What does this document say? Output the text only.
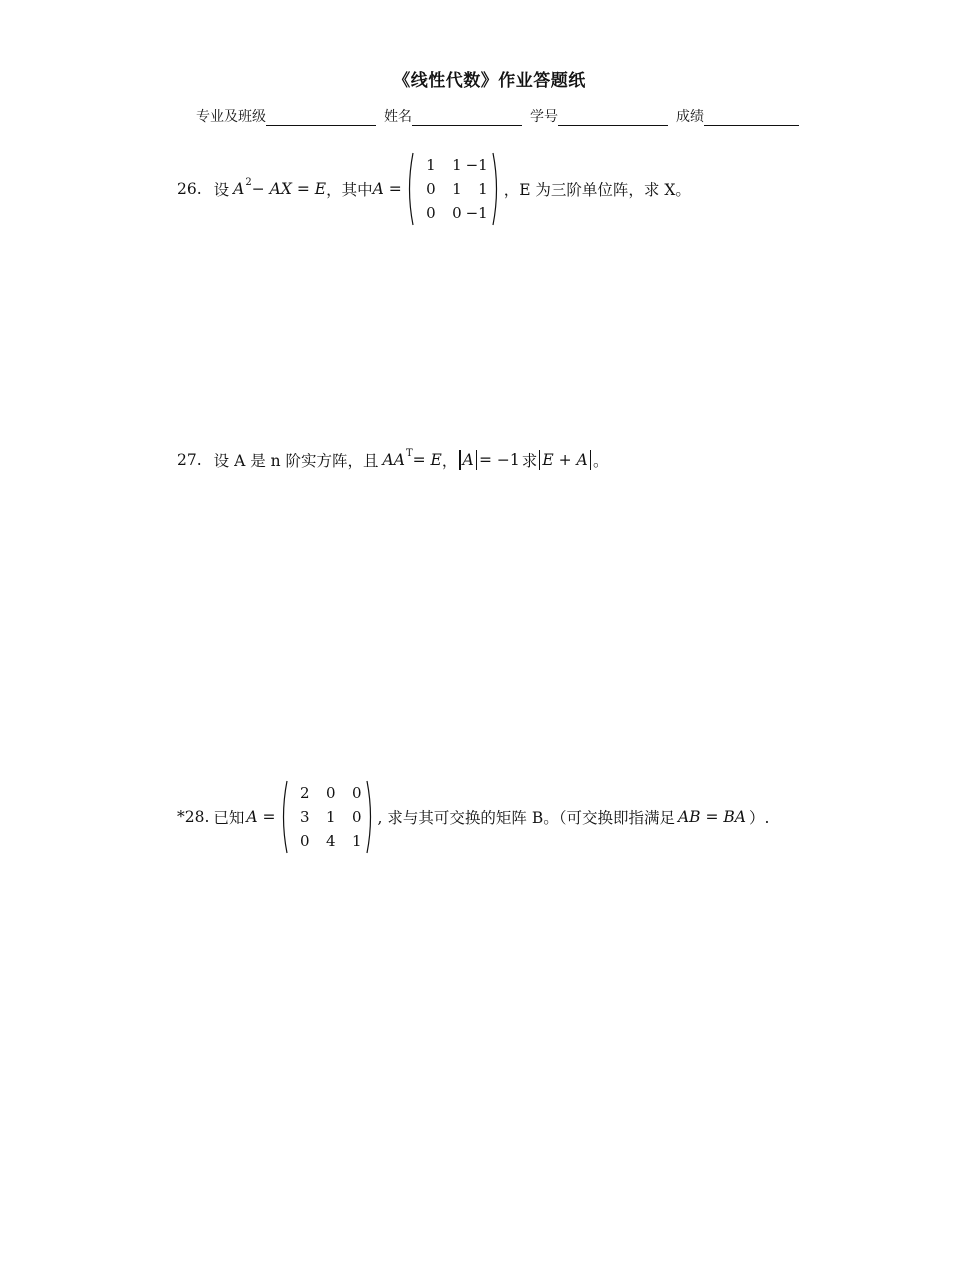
《线性代数》作业答题纸
专业及班级	姓名	学号	成绩
26. 设 A 2 − AX = E ，其中 A =
1	1 −1
0	1	1
0	0 −1
，E 为三阶单位阵，求 X。
27. 设 A 是 n 阶实方阵，且 AA T = E ， A = −1 求 E + A 。
*28. 已知 A =
2	0	0
3	1	0
0	4	1
, 求与其可交换的矩阵 B。（可交换即指满足 AB = BA ）.
